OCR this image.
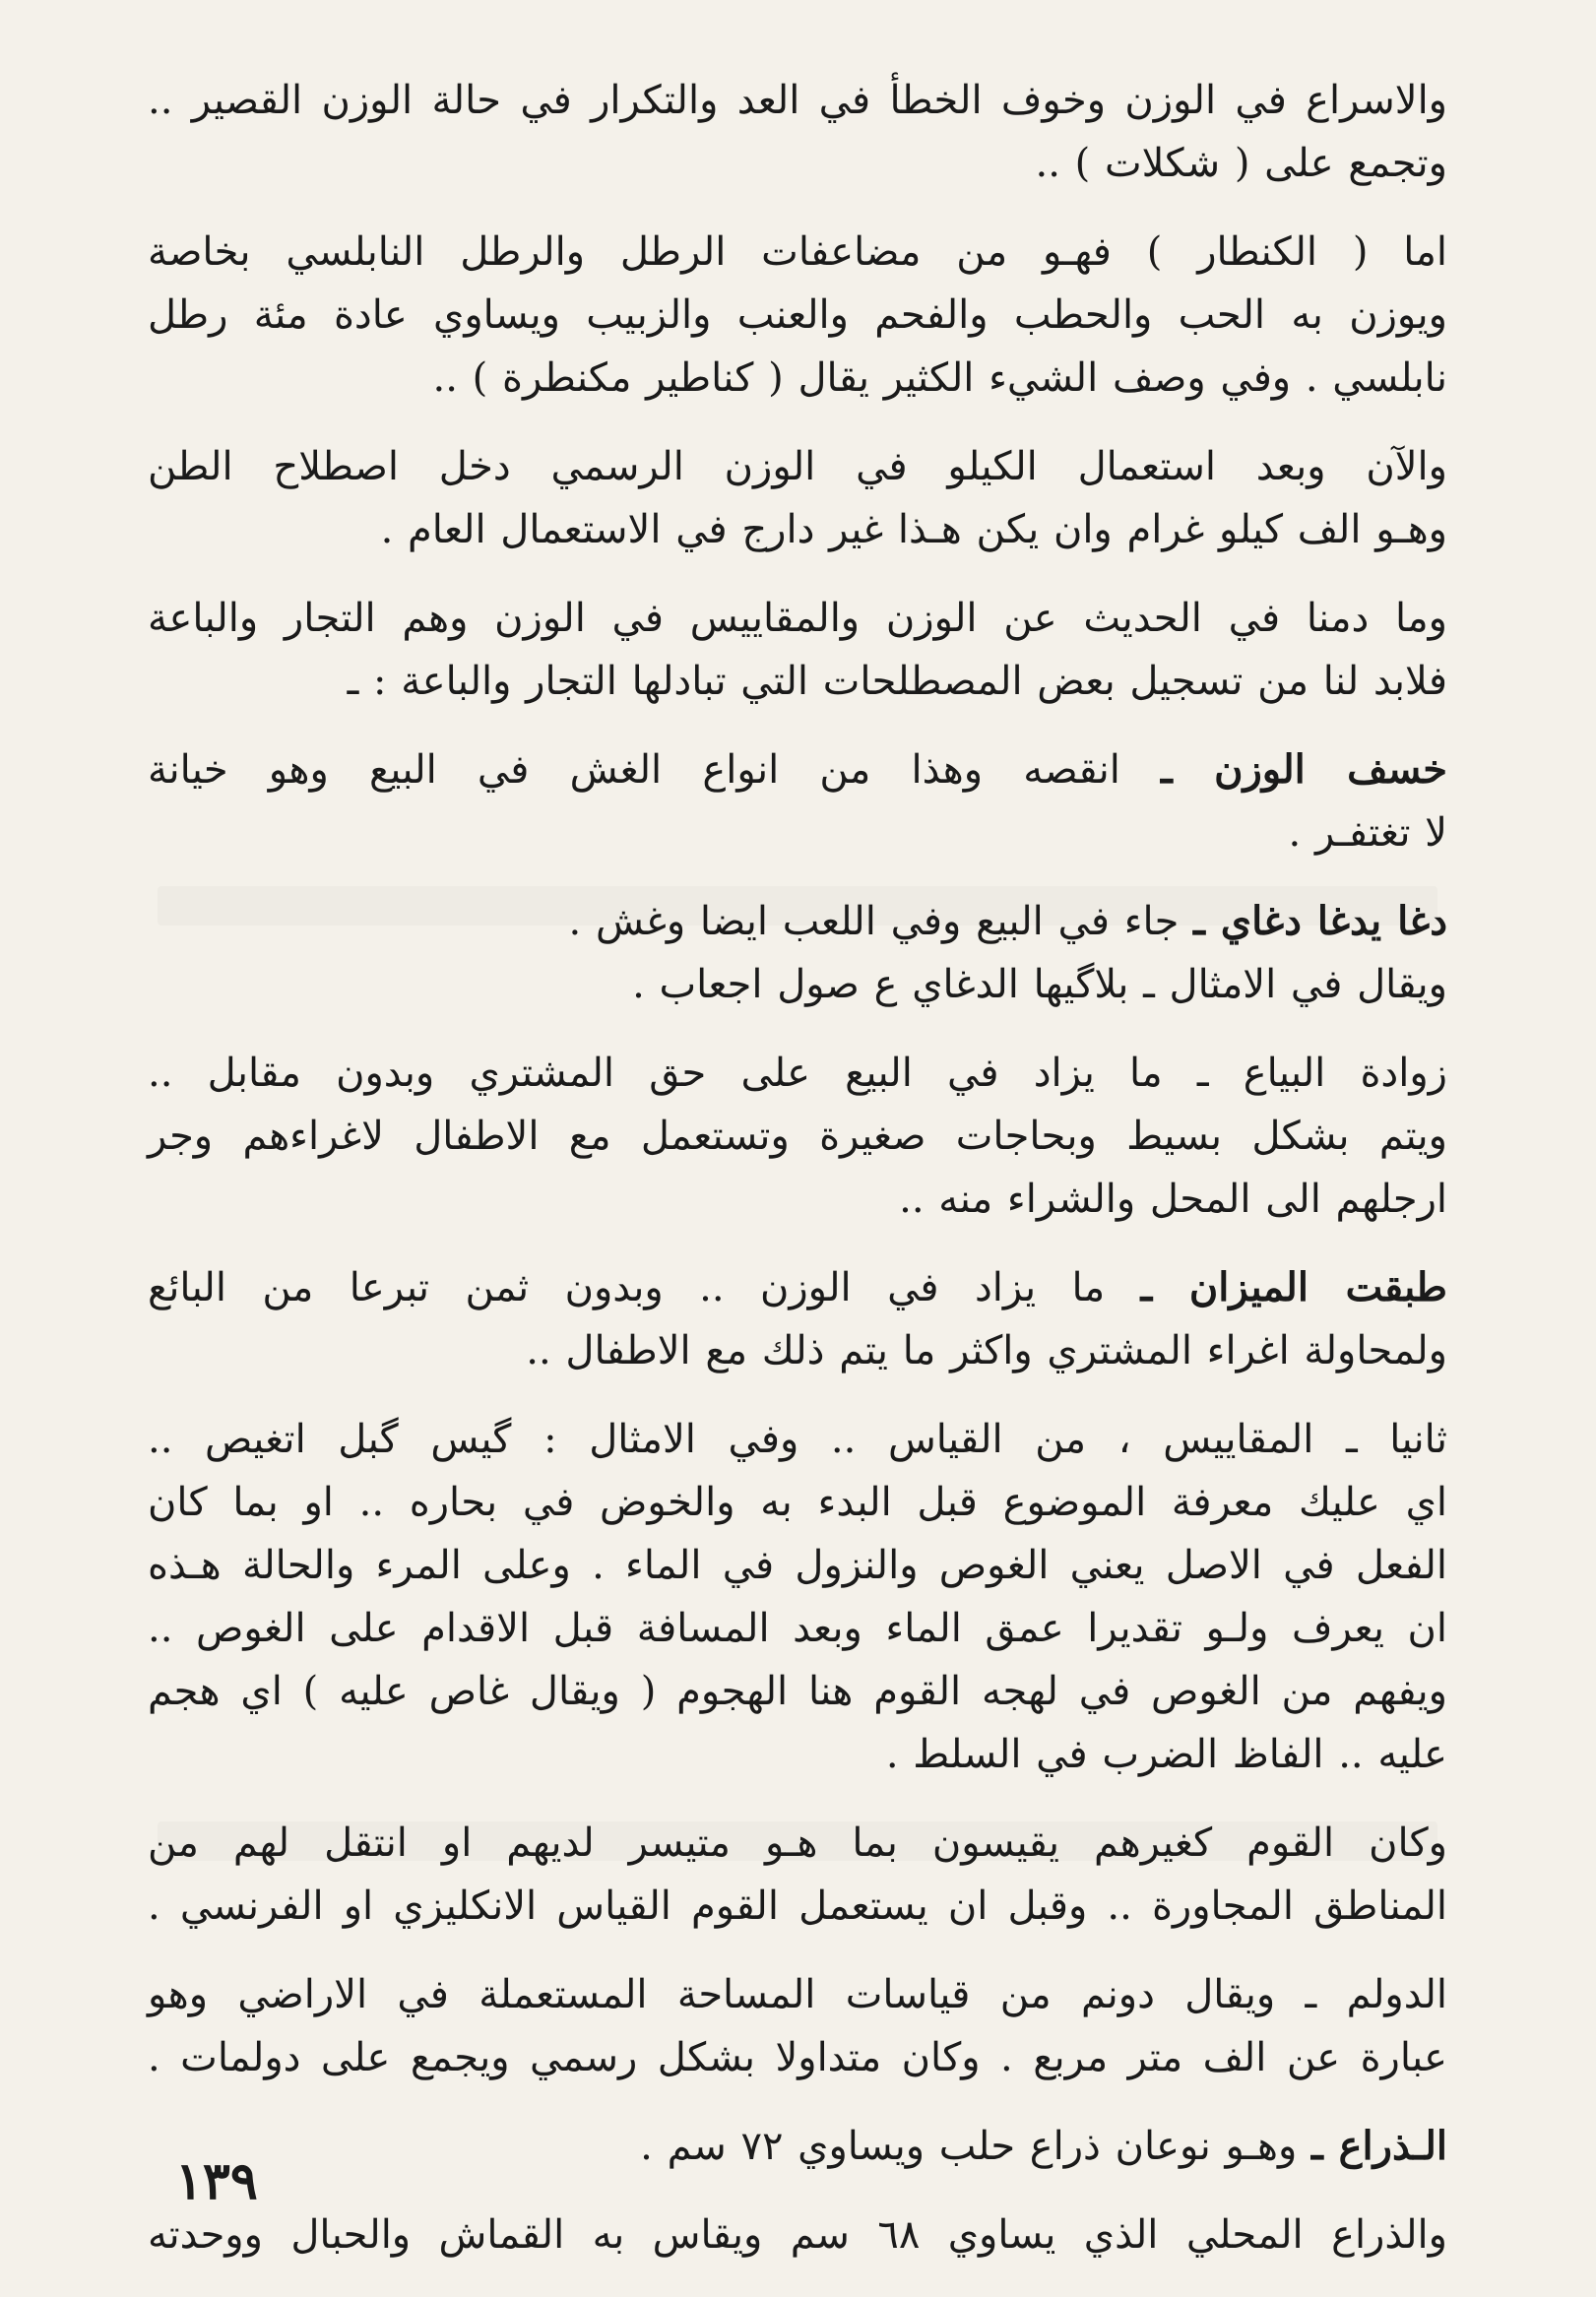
والاسراع في الوزن وخوف الخطأ في العد والتكرار في حالة الوزن القصير ..
وتجمع على ( شكلات ) ..
اما ( الكنطار ) فهـو من مضاعفات الرطل والرطل النابلسي بخاصة
ويوزن به الحب والحطب والفحم والعنب والزبيب ويساوي عادة مئة رطل
نابلسي . وفي وصف الشيء الكثير يقال ( كناطير مكنطرة ) ..
والآن وبعد استعمال الكيلو في الوزن الرسمي دخل اصطلاح الطن
وهـو الف كيلو غرام وان يكن هـذا غير دارج في الاستعمال العام .
وما دمنا في الحديث عن الوزن والمقاييس في الوزن وهم التجار والباعة
فلابد لنا من تسجيل بعض المصطلحات التي تبادلها التجار والباعة : ـ
خسف الوزن ـ انقصه وهذا من انواع الغش في البيع وهو خيانة
لا تغتفـر .
دغا يدغا دغاي ـ جاء في البيع وفي اللعب ايضا وغش .
ويقال في الامثال ـ بلاگيها الدغاي ع صول اجعاب .
زوادة البياع ـ ما يزاد في البيع على حق المشتري وبدون مقابل ..
ويتم بشكل بسيط وبحاجات صغيرة وتستعمل مع الاطفال لاغراءهم وجر
ارجلهم الى المحل والشراء منه ..
طبقت الميزان ـ ما يزاد في الوزن .. وبدون ثمن تبرعا من البائع
ولمحاولة اغراء المشتري واكثر ما يتم ذلك مع الاطفال ..
ثانيا ـ المقاييس ، من القياس .. وفي الامثال : گيس گبل اتغيص ..
اي عليك معرفة الموضوع قبل البدء به والخوض في بحاره .. او بما كان
الفعل في الاصل يعني الغوص والنزول في الماء . وعلى المرء والحالة هـذه
ان يعرف ولـو تقديرا عمق الماء وبعد المسافة قبل الاقدام على الغوص ..
ويفهم من الغوص في لهجه القوم هنا الهجوم ( ويقال غاص عليه ) اي هجم
عليه .. الفاظ الضرب في السلط .
وكان القوم كغيرهم يقيسون بما هـو متيسر لديهم او انتقل لهم من
المناطق المجاورة .. وقبل ان يستعمل القوم القياس الانكليزي او الفرنسي .
الدولم ـ ويقال دونم من قياسات المساحة المستعملة في الاراضي وهو
عبارة عن الف متر مربع . وكان متداولا بشكل رسمي ويجمع على دولمات .
الـذراع ـ وهـو نوعان ذراع حلب ويساوي ٧٢ سم .
والذراع المحلي الذي يساوي ٦٨ سم ويقاس به القماش والحبال ووحدته
١٣٩
